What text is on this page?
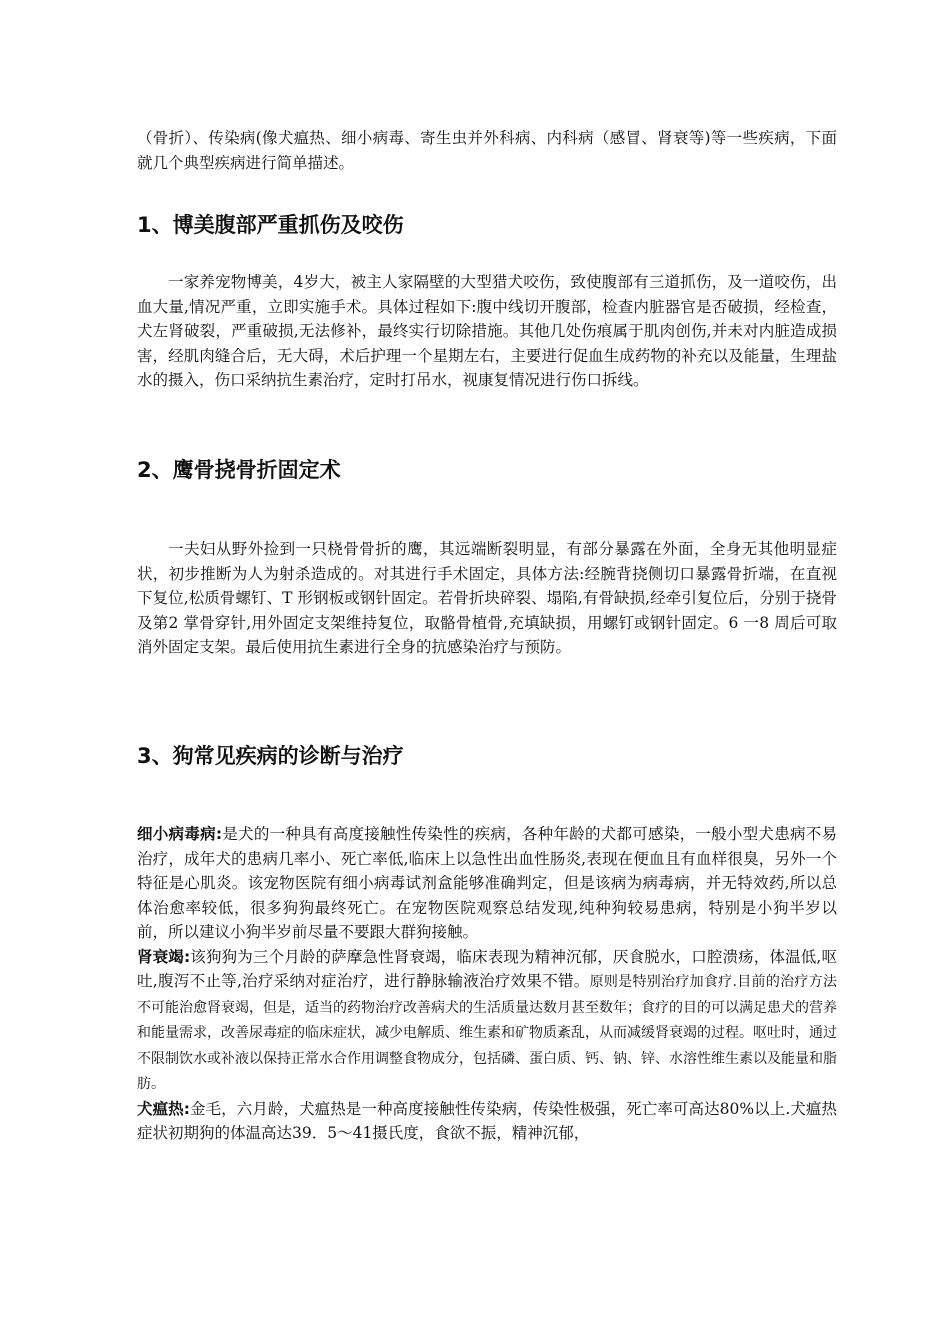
（骨折）、传染病(像犬瘟热、细小病毒、寄生虫并外科病、内科病（感冒、肾衰等)等一些疾病，下面就几个典型疾病进行简单描述。

1、博美腹部严重抓伤及咬伤

一家养宠物博美，4岁大，被主人家隔壁的大型猎犬咬伤，致使腹部有三道抓伤，及一道咬伤，出血大量,情况严重，立即实施手术。具体过程如下:腹中线切开腹部，检查内脏器官是否破损，经检查，犬左肾破裂，严重破损,无法修补，最终实行切除措施。其他几处伤痕属于肌肉创伤,并未对内脏造成损害，经肌肉缝合后，无大碍，术后护理一个星期左右，主要进行促血生成药物的补充以及能量，生理盐水的摄入，伤口采纳抗生素治疗，定时打吊水，视康复情况进行伤口拆线。

2、鹰骨挠骨折固定术

一夫妇从野外捡到一只桡骨骨折的鹰，其远端断裂明显，有部分暴露在外面，全身无其他明显症状，初步推断为人为射杀造成的。对其进行手术固定，具体方法:经腕背挠侧切口暴露骨折端，在直视下复位,松质骨螺钉、T 形钢板或钢针固定。若骨折块碎裂、塌陷,有骨缺损,经牵引复位后，分别于挠骨及第2 掌骨穿针,用外固定支架维持复位，取骼骨植骨,充填缺损，用螺钉或钢针固定。6 一8 周后可取消外固定支架。最后使用抗生素进行全身的抗感染治疗与预防。

3、狗常见疾病的诊断与治疗

细小病毒病:是犬的一种具有高度接触性传染性的疾病，各种年龄的犬都可感染，一般小型犬患病不易治疗，成年犬的患病几率小、死亡率低,临床上以急性出血性肠炎,表现在便血且有血样很臭，另外一个特征是心肌炎。该宠物医院有细小病毒试剂盒能够准确判定，但是该病为病毒病，并无特效药,所以总体治愈率较低，很多狗狗最终死亡。在宠物医院观察总结发现,纯种狗较易患病，特别是小狗半岁以前，所以建议小狗半岁前尽量不要跟大群狗接触。

肾衰竭:该狗狗为三个月龄的萨摩急性肾衰竭，临床表现为精神沉郁，厌食脱水，口腔溃疡，体温低,呕吐,腹泻不止等,治疗采纳对症治疗，进行静脉输液治疗效果不错。原则是特别治疗加食疗.目前的治疗方法不可能治愈肾衰竭，但是，适当的药物治疗改善病犬的生活质量达数月甚至数年；食疗的目的可以满足患犬的营养和能量需求，改善尿毒症的临床症状，减少电解质、维生素和矿物质紊乱，从而减缓肾衰竭的过程。呕吐时，通过不限制饮水或补液以保持正常水合作用调整食物成分，包括磷、蛋白质、钙、钠、锌、水溶性维生素以及能量和脂肪。

犬瘟热:金毛，六月龄，犬瘟热是一种高度接触性传染病，传染性极强，死亡率可高达80%以上.犬瘟热症状初期狗的体温高达39．5～41摄氏度，食欲不振，精神沉郁，
